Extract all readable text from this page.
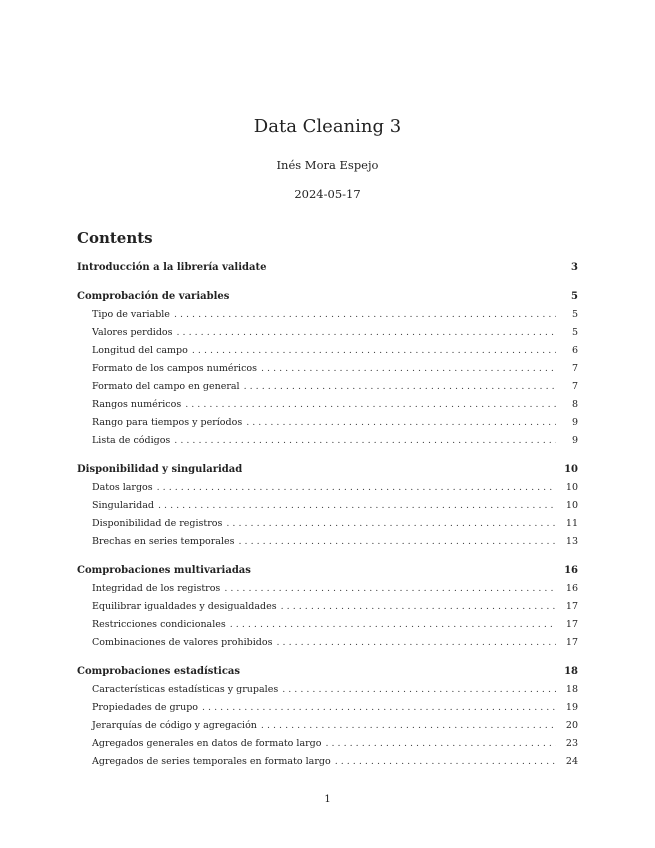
Data Cleaning 3
Inés Mora Espejo
2024-05-17
Contents
Introducción a la librería validate	3
Comprobación de variables	5
Tipo de variable . . .	5
Valores perdidos . . .	5
Longitud del campo . . .	6
Formato de los campos numéricos . . .	7
Formato del campo en general . . .	7
Rangos numéricos . . .	8
Rango para tiempos y períodos . . .	9
Lista de códigos . . .	9
Disponibilidad y singularidad	10
Datos largos . . .	10
Singularidad . . .	10
Disponibilidad de registros . . .	11
Brechas en series temporales . . .	13
Comprobaciones multivariadas	16
Integridad de los registros . . .	16
Equilibrar igualdades y desigualdades . . .	17
Restricciones condicionales . . .	17
Combinaciones de valores prohibidos . . .	17
Comprobaciones estadísticas	18
Características estadísticas y grupales . . .	18
Propiedades de grupo . . .	19
Jerarquías de código y agregación . . .	20
Agregados generales en datos de formato largo . . .	23
Agregados de series temporales en formato largo . . .	24
1
